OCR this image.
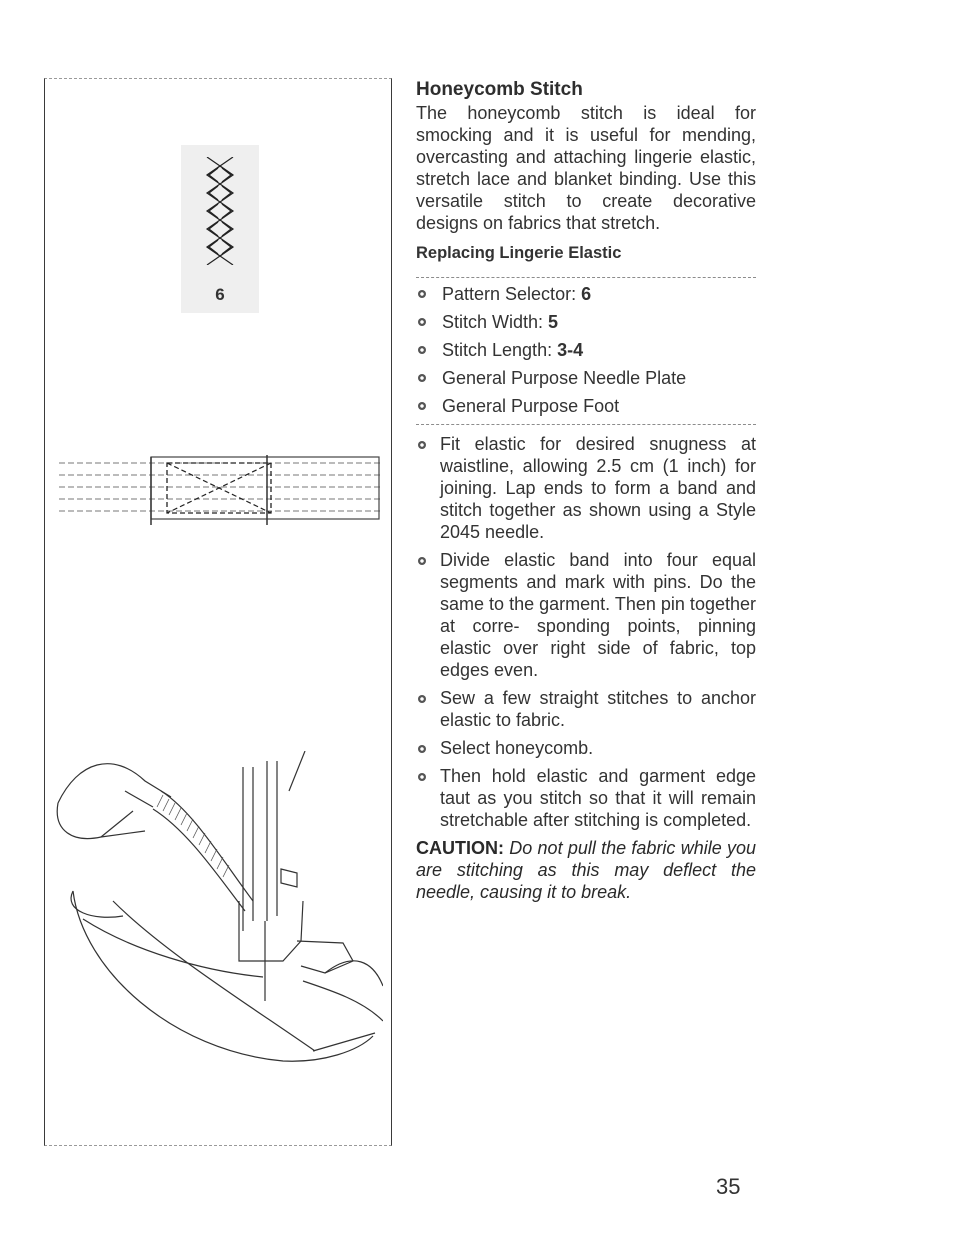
6
Honeycomb Stitch

The honeycomb stitch is ideal for smocking and it is useful for mending, overcasting and attaching lingerie elastic, stretch lace and blanket binding. Use this versatile stitch to create decorative designs on fabrics that stretch.

Replacing Lingerie Elastic
Pattern Selector: 6
Stitch Width: 5
Stitch Length: 3-4
General Purpose Needle Plate
General Purpose Foot
Fit elastic for desired snugness at waistline, allowing 2.5 cm (1 inch) for joining. Lap ends to form a band and stitch together as shown using a Style 2045 needle.
Divide elastic band into four equal segments and mark with pins. Do the same to the garment. Then pin together at corre- sponding points, pinning elastic over right side of fabric, top edges even.
Sew a few straight stitches to anchor elastic to fabric.
Select honeycomb.
Then hold elastic and garment edge taut as you stitch so that it will remain stretchable after stitching is completed.

CAUTION: Do not pull the fabric while you are stitching as this may deflect the needle, causing it to break.

35
